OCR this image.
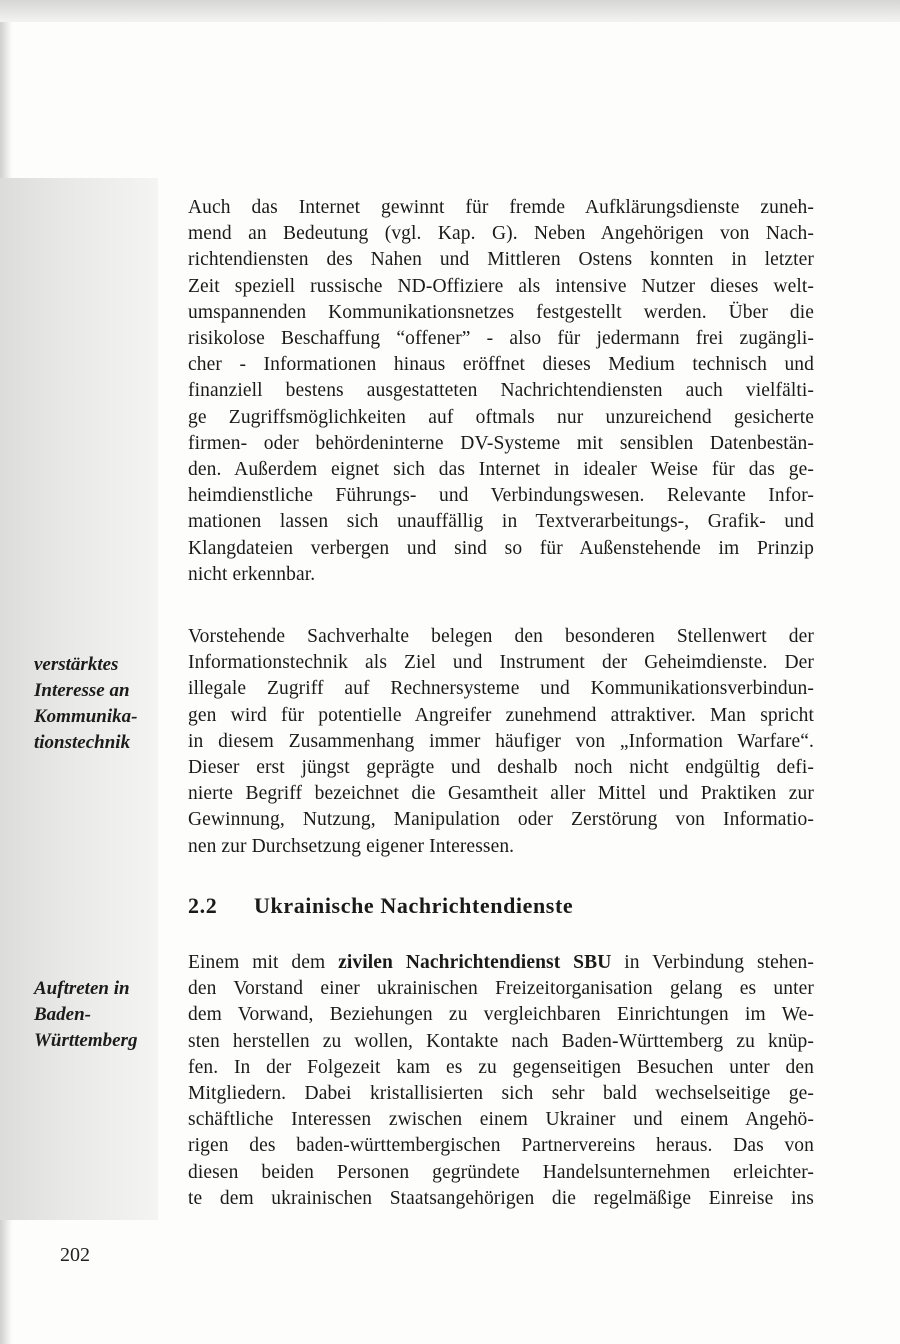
Auch das Internet gewinnt für fremde Aufklärungsdienste zuneh-
mend an Bedeutung (vgl. Kap. G). Neben Angehörigen von Nach-
richtendiensten des Nahen und Mittleren Ostens konnten in letzter
Zeit speziell russische ND-Offiziere als intensive Nutzer dieses welt-
umspannenden Kommunikationsnetzes festgestellt werden. Über die
risikolose Beschaffung “offener” - also für jedermann frei zugängli-
cher - Informationen hinaus eröffnet dieses Medium technisch und
finanziell bestens ausgestatteten Nachrichtendiensten auch vielfälti-
ge Zugriffsmöglichkeiten auf oftmals nur unzureichend gesicherte
firmen- oder behördeninterne DV-Systeme mit sensiblen Datenbestän-
den. Außerdem eignet sich das Internet in idealer Weise für das ge-
heimdienstliche Führungs- und Verbindungswesen. Relevante Infor-
mationen lassen sich unauffällig in Textverarbeitungs-, Grafik- und
Klangdateien verbergen und sind so für Außenstehende im Prinzip
nicht erkennbar.
verstärktes
Interesse an
Kommunika-
tionstechnik
Vorstehende Sachverhalte belegen den besonderen Stellenwert der
Informationstechnik als Ziel und Instrument der Geheimdienste. Der
illegale Zugriff auf Rechnersysteme und Kommunikationsverbindun-
gen wird für potentielle Angreifer zunehmend attraktiver. Man spricht
in diesem Zusammenhang immer häufiger von „Information Warfare“.
Dieser erst jüngst geprägte und deshalb noch nicht endgültig defi-
nierte Begriff bezeichnet die Gesamtheit aller Mittel und Praktiken zur
Gewinnung, Nutzung, Manipulation oder Zerstörung von Informatio-
nen zur Durchsetzung eigener Interessen.
2.2 Ukrainische Nachrichtendienste
Auftreten in
Baden-
Württemberg
Einem mit dem zivilen Nachrichtendienst SBU in Verbindung stehen-
den Vorstand einer ukrainischen Freizeitorganisation gelang es unter
dem Vorwand, Beziehungen zu vergleichbaren Einrichtungen im We-
sten herstellen zu wollen, Kontakte nach Baden-Württemberg zu knüp-
fen. In der Folgezeit kam es zu gegenseitigen Besuchen unter den
Mitgliedern. Dabei kristallisierten sich sehr bald wechselseitige ge-
schäftliche Interessen zwischen einem Ukrainer und einem Angehö-
rigen des baden-württembergischen Partnervereins heraus. Das von
diesen beiden Personen gegründete Handelsunternehmen erleichter-
te dem ukrainischen Staatsangehörigen die regelmäßige Einreise ins
202
